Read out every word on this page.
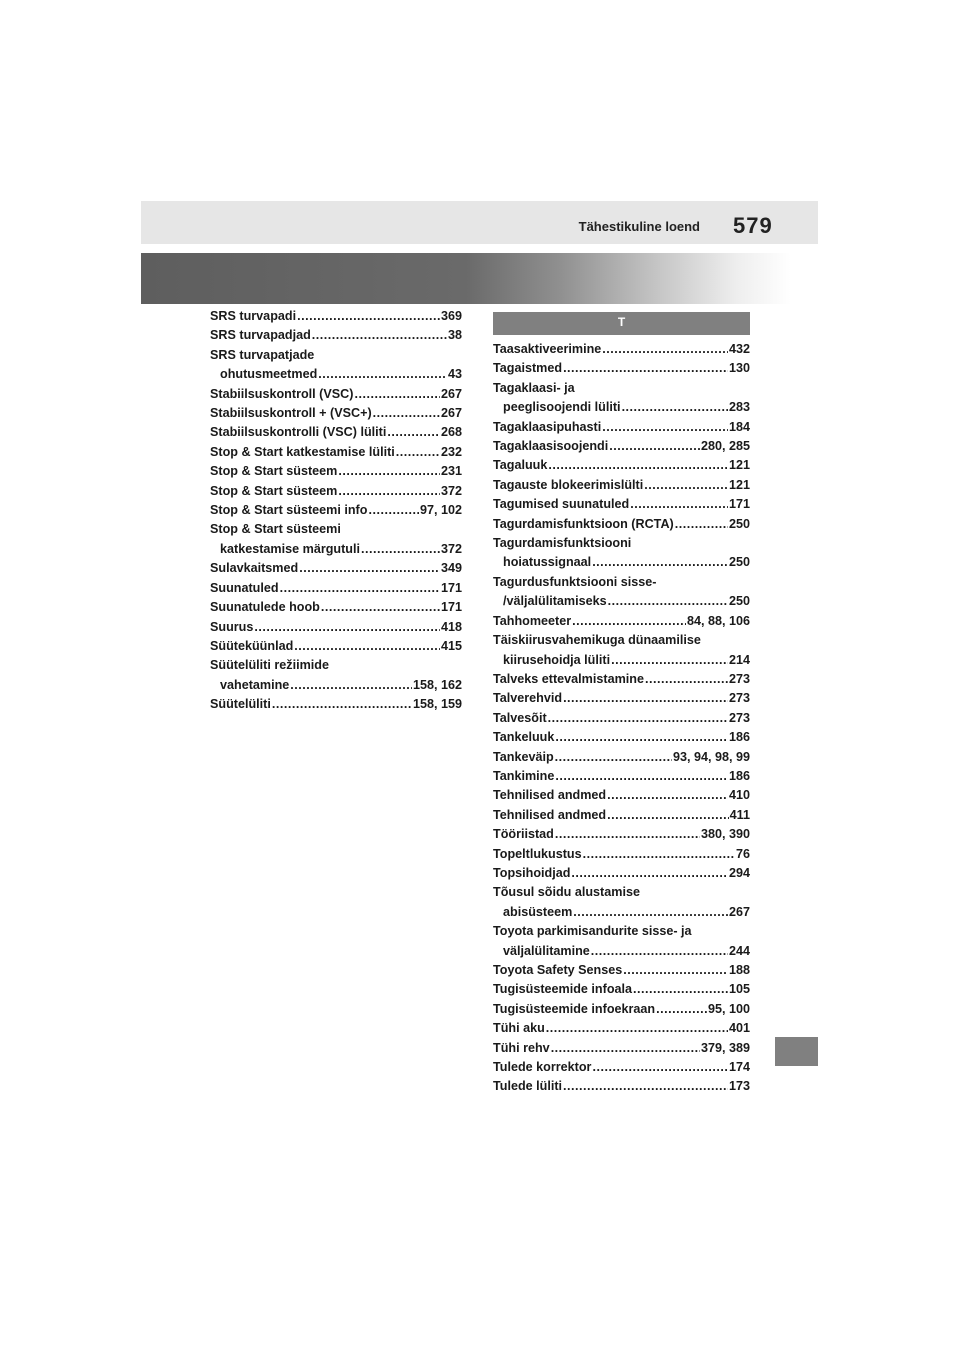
Tähestikuline loend 579
SRS turvapadi .....	369
SRS turvapadjad .....	38
SRS turvapatjade
ohutusmeetmed .....	43
Stabiilsuskontroll (VSC) .....	267
Stabiilsuskontroll + (VSC+) .....	267
Stabiilsuskontrolli (VSC) lüliti .....	268
Stop & Start katkestamise lüliti .....	232
Stop & Start süsteem .....	231
Stop & Start süsteem .....	372
Stop & Start süsteemi info .....	97, 102
Stop & Start süsteemi
katkestamise märgutuli .....	372
Sulavkaitsmed .....	349
Suunatuled .....	171
Suunatulede hoob .....	171
Suurus .....	418
Süüteküünlad .....	415
Süütelüliti režiimide
vahetamine .....	158, 162
Süütelüliti .....	158, 159
T
Taasaktiveerimine .....	432
Tagaistmed .....	130
Tagaklaasi- ja
peeglisoojendi lüliti .....	283
Tagaklaasipuhasti .....	184
Tagaklaasisoojendi .....	280, 285
Tagaluuk .....	121
Tagauste blokeerimislülti .....	121
Tagumised suunatuled .....	171
Tagurdamisfunktsioon (RCTA) .....	250
Tagurdamisfunktsiooni
hoiatussignaal .....	250
Tagurdusfunktsiooni sisse-
/väljalülitamiseks .....	250
Tahhomeeter .....	84, 88, 106
Täiskiirusvahemikuga dünaamilise
kiirusehoidja lüliti .....	214
Talveks ettevalmistamine .....	273
Talverehvid .....	273
Talvesõit .....	273
Tankeluuk .....	186
Tankeväip .....	93, 94, 98, 99
Tankimine .....	186
Tehnilised andmed .....	410
Tehnilised andmed .....	411
Tööriistad .....	380, 390
Topeltlukustus .....	76
Topsihoidjad .....	294
Tõusul sõidu alustamise
abisüsteem .....	267
Toyota parkimisandurite sisse- ja
väljalülitamine .....	244
Toyota Safety Senses .....	188
Tugisüsteemide infoala .....	105
Tugisüsteemide infoekraan .....	95, 100
Tühi aku .....	401
Tühi rehv .....	379, 389
Tulede korrektor .....	174
Tulede lüliti .....	173
